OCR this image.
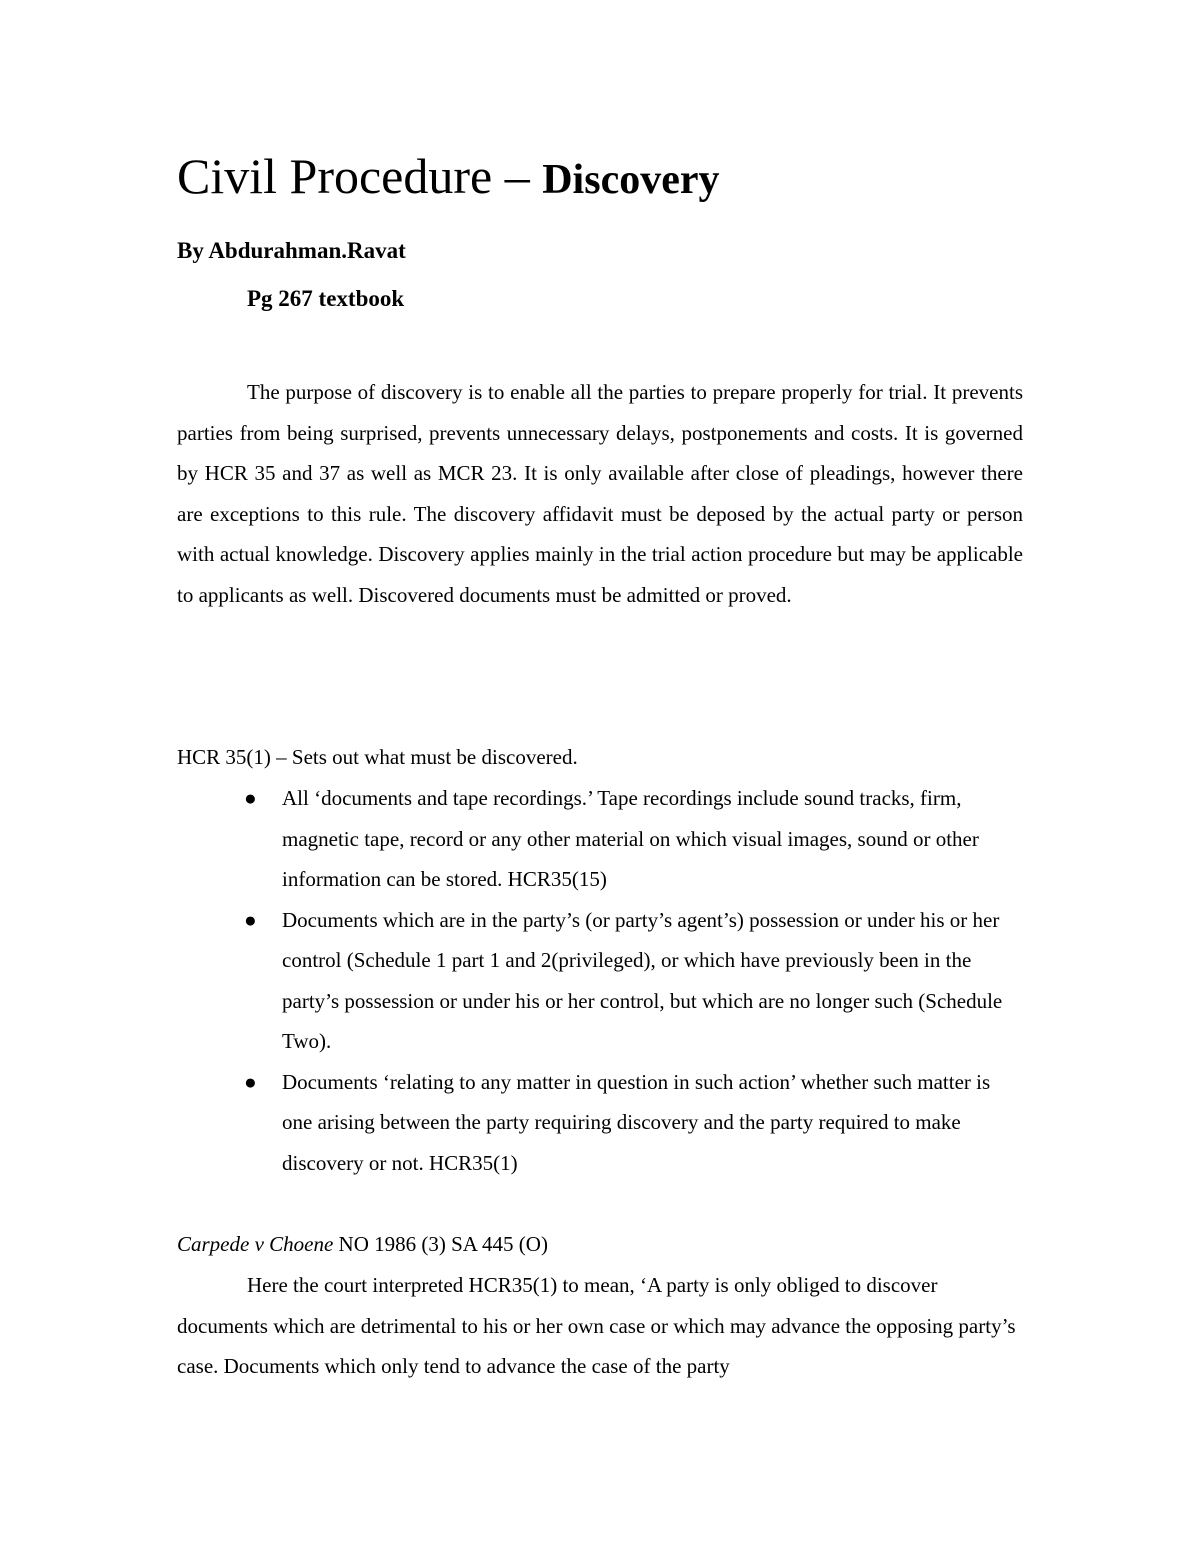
Civil Procedure – Discovery
By Abdurahman.Ravat
Pg 267 textbook

The purpose of discovery is to enable all the parties to prepare properly for trial. It prevents parties from being surprised, prevents unnecessary delays, postponements and costs. It is governed by HCR 35 and 37 as well as MCR 23. It is only available after close of pleadings, however there are exceptions to this rule. The discovery affidavit must be deposed by the actual party or person with actual knowledge. Discovery applies mainly in the trial action procedure but may be applicable to applicants as well. Discovered documents must be admitted or proved.

HCR 35(1) – Sets out what must be discovered.

● All ‘documents and tape recordings.’ Tape recordings include sound tracks, firm, magnetic tape, record or any other material on which visual images, sound or other information can be stored. HCR35(15)
● Documents which are in the party’s (or party’s agent’s) possession or under his or her control (Schedule 1 part 1 and 2(privileged), or which have previously been in the party’s possession or under his or her control, but which are no longer such (Schedule Two).
● Documents ‘relating to any matter in question in such action’ whether such matter is one arising between the party requiring discovery and the party required to make discovery or not. HCR35(1)

Carpede v Choene NO 1986 (3) SA 445 (O)

Here the court interpreted HCR35(1) to mean, ‘A party is only obliged to discover documents which are detrimental to his or her own case or which may advance the opposing party’s case. Documents which only tend to advance the case of the party
